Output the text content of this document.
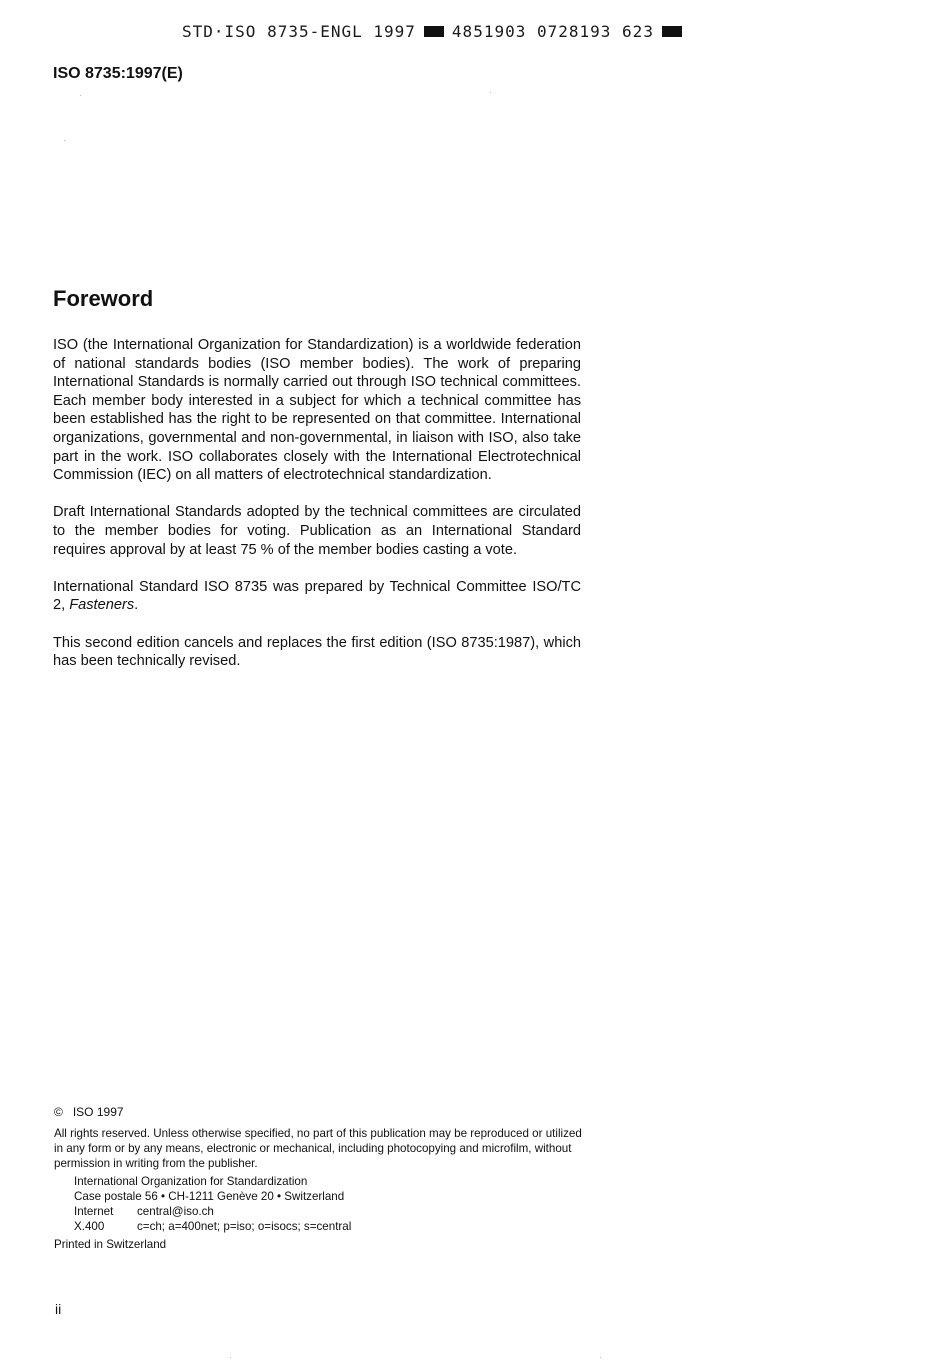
STD·ISO 8735-ENGL 1997 4851903 0728193 623
ISO 8735:1997(E)
Foreword

ISO (the International Organization for Standardization) is a worldwide federation of national standards bodies (ISO member bodies). The work of preparing International Standards is normally carried out through ISO technical committees. Each member body interested in a subject for which a technical committee has been established has the right to be represented on that committee. International organizations, governmental and non-governmental, in liaison with ISO, also take part in the work. ISO collaborates closely with the International Electrotechnical Commission (IEC) on all matters of electrotechnical standardization.

Draft International Standards adopted by the technical committees are circulated to the member bodies for voting. Publication as an International Standard requires approval by at least 75 % of the member bodies casting a vote.

International Standard ISO 8735 was prepared by Technical Committee ISO/TC 2, Fasteners.

This second edition cancels and replaces the first edition (ISO 8735:1987), which has been technically revised.

© ISO 1997

All rights reserved. Unless otherwise specified, no part of this publication may be reproduced or utilized in any form or by any means, electronic or mechanical, including photocopying and microfilm, without permission in writing from the publisher.

International Organization for Standardization
Case postale 56 • CH-1211 Genève 20 • Switzerland
Internet	central@iso.ch
X.400	c=ch; a=400net; p=iso; o=isocs; s=central
Printed in Switzerland
ii
